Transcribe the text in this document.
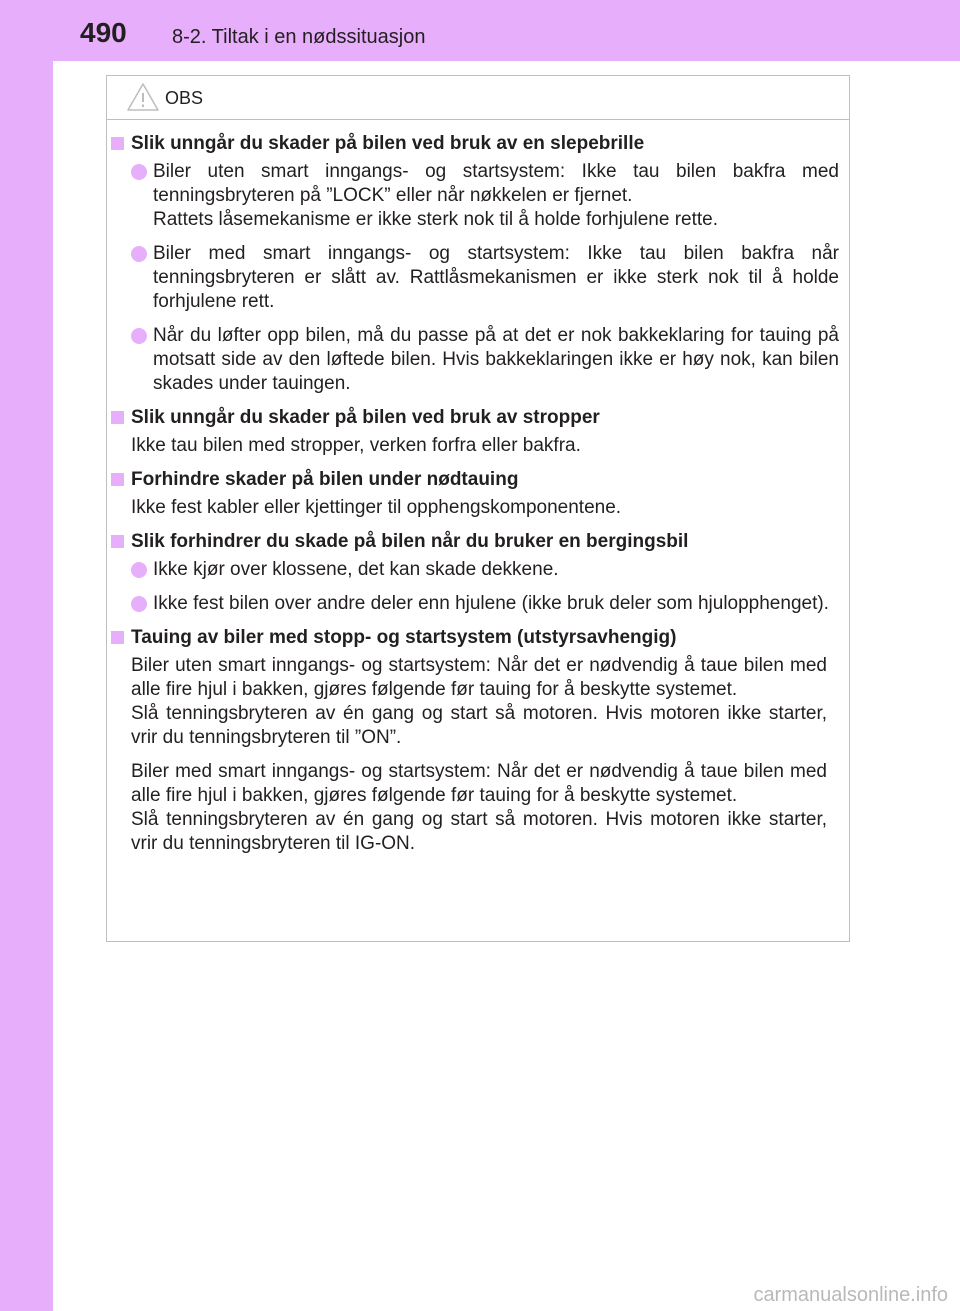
490 8-2. Tiltak i en nødssituasjon
OBS
Slik unngår du skader på bilen ved bruk av en slepebrille
Biler uten smart inngangs- og startsystem: Ikke tau bilen bakfra med tenningsbryteren på ”LOCK” eller når nøkkelen er fjernet.
Rattets låsemekanisme er ikke sterk nok til å holde forhjulene rette.
Biler med smart inngangs- og startsystem: Ikke tau bilen bakfra når tenningsbryteren er slått av. Rattlåsmekanismen er ikke sterk nok til å holde forhjulene rett.
Når du løfter opp bilen, må du passe på at det er nok bakkeklaring for tauing på motsatt side av den løftede bilen. Hvis bakkeklaringen ikke er høy nok, kan bilen skades under tauingen.
Slik unngår du skader på bilen ved bruk av stropper
Ikke tau bilen med stropper, verken forfra eller bakfra.
Forhindre skader på bilen under nødtauing
Ikke fest kabler eller kjettinger til opphengskomponentene.
Slik forhindrer du skade på bilen når du bruker en bergingsbil
Ikke kjør over klossene, det kan skade dekkene.
Ikke fest bilen over andre deler enn hjulene (ikke bruk deler som hjulopphenget).
Tauing av biler med stopp- og startsystem (utstyrsavhengig)
Biler uten smart inngangs- og startsystem: Når det er nødvendig å taue bilen med alle fire hjul i bakken, gjøres følgende før tauing for å beskytte systemet.
Slå tenningsbryteren av én gang og start så motoren. Hvis motoren ikke starter, vrir du tenningsbryteren til ”ON”.
Biler med smart inngangs- og startsystem: Når det er nødvendig å taue bilen med alle fire hjul i bakken, gjøres følgende før tauing for å beskytte systemet.
Slå tenningsbryteren av én gang og start så motoren. Hvis motoren ikke starter, vrir du tenningsbryteren til IG-ON.
carmanualsonline.info
